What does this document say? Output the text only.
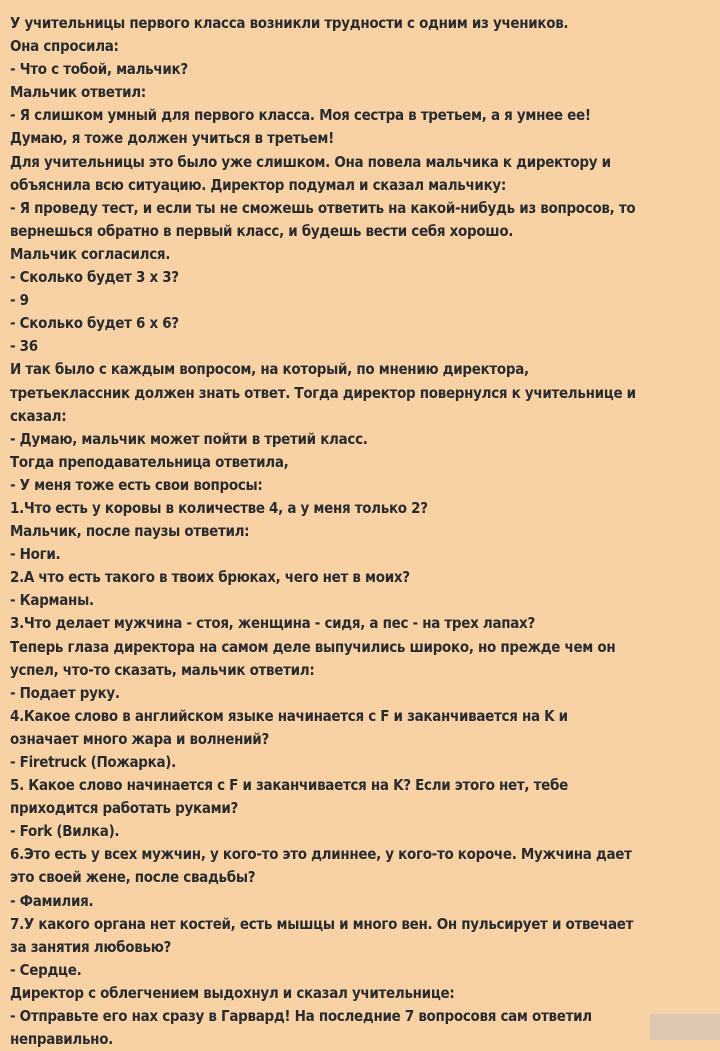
У учительницы первого класса возникли трудности с одним из учеников.

Она спросила:

- Что с тобой, мальчик?

Мальчик ответил:

- Я слишком умный для первого класса. Моя сестра в третьем, а я умнее ее! Думаю, я тоже должен учиться в третьем!

Для учительницы это было уже слишком. Она повела мальчика к директору и объяснила всю ситуацию. Директор подумал и сказал мальчику:

- Я проведу тест, и если ты не сможешь ответить на какой-нибудь из вопросов, то вернешься обратно в первый класс, и будешь вести себя хорошо.

Мальчик согласился.

- Сколько будет 3 х 3?

- 9

- Сколько будет 6 х 6?

- 36

И так было с каждым вопросом, на который, по мнению директора, третьеклассник должен знать ответ. Тогда директор повернулся к учительнице и сказал:

- Думаю, мальчик может пойти в третий класс.

Тогда преподавательница ответила,

- У меня тоже есть свои вопросы:

1.Что есть у коровы в количестве 4, а у меня только 2?

Мальчик, после паузы ответил:

- Ноги.

2.А что есть такого в твоих брюках, чего нет в моих?

- Карманы.

3.Что делает мужчина - стоя, женщина - сидя, а пес - на трех лапах?

Теперь глаза директора на самом деле выпучились широко, но прежде чем он успел, что-то сказать, мальчик ответил:

- Подает руку.

4.Какое слово в английском языке начинается с F и заканчивается на K и означает много жара и волнений?

- Firetruck (Пожарка).

5. Какое слово начинается с F и заканчивается на K? Если этого нет, тебе приходится работать руками?

- Fork (Вилка).

6.Это есть у всех мужчин, у кого-то это длиннее, у кого-то короче. Мужчина дает это своей жене, после свадьбы?

- Фамилия.

7.У какого органа нет костей, есть мышцы и много вен. Он пульсирует и отвечает за занятия любовью?

- Сердце.

Директор с облегчением выдохнул и сказал учительнице:

- Отправьте его нах сразу в Гарвард! На последние 7 вопросовя сам ответил неправильно.
